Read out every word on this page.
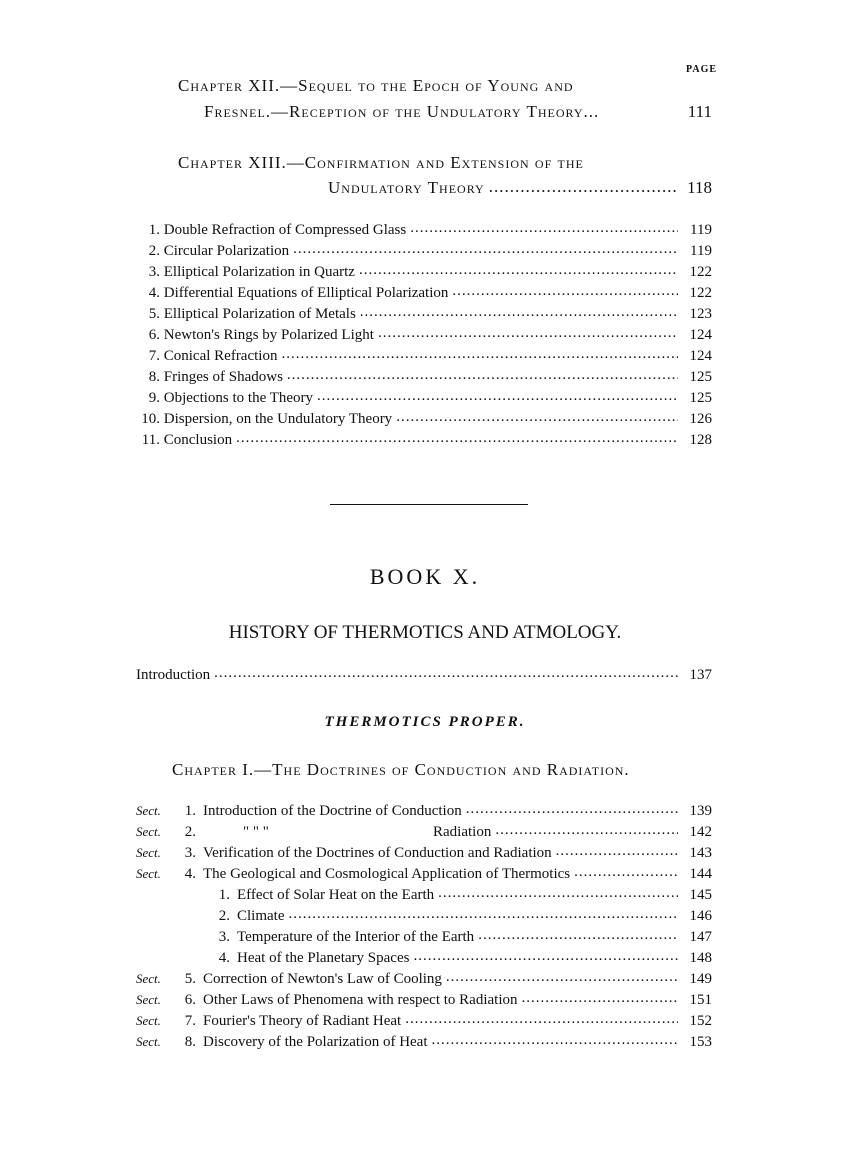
PAGE
Chapter XII.—Sequel to the Epoch of Young and
Fresnel.—Reception of the Undulatory Theory...	111
Chapter XIII.—Confirmation and Extension of the
Undulatory Theory .....	118
1. Double Refraction of Compressed Glass .....	119
2. Circular Polarization .....	119
3. Elliptical Polarization in Quartz .....	122
4. Differential Equations of Elliptical Polarization .....	122
5. Elliptical Polarization of Metals .....	123
6. Newton's Rings by Polarized Light .....	124
7. Conical Refraction .....	124
8. Fringes of Shadows .....	125
9. Objections to the Theory .....	125
10. Dispersion, on the Undulatory Theory .....	126
11. Conclusion .....	128
BOOK X.
HISTORY OF THERMOTICS AND ATMOLOGY.
Introduction .....	137
THERMOTICS PROPER.
Chapter I.—The Doctrines of Conduction and Radiation.
Sect. 1. Introduction of the Doctrine of Conduction .....	139
Sect. 2.	" " "	Radiation .....	142
Sect. 3. Verification of the Doctrines of Conduction and Radiation .....	143
Sect. 4. The Geological and Cosmological Application of Thermotics .....	144
1. Effect of Solar Heat on the Earth .....	145
2. Climate .....	146
3. Temperature of the Interior of the Earth .....	147
4. Heat of the Planetary Spaces .....	148
Sect. 5. Correction of Newton's Law of Cooling .....	149
Sect. 6. Other Laws of Phenomena with respect to Radiation .....	151
Sect. 7. Fourier's Theory of Radiant Heat .....	152
Sect. 8. Discovery of the Polarization of Heat .....	153
